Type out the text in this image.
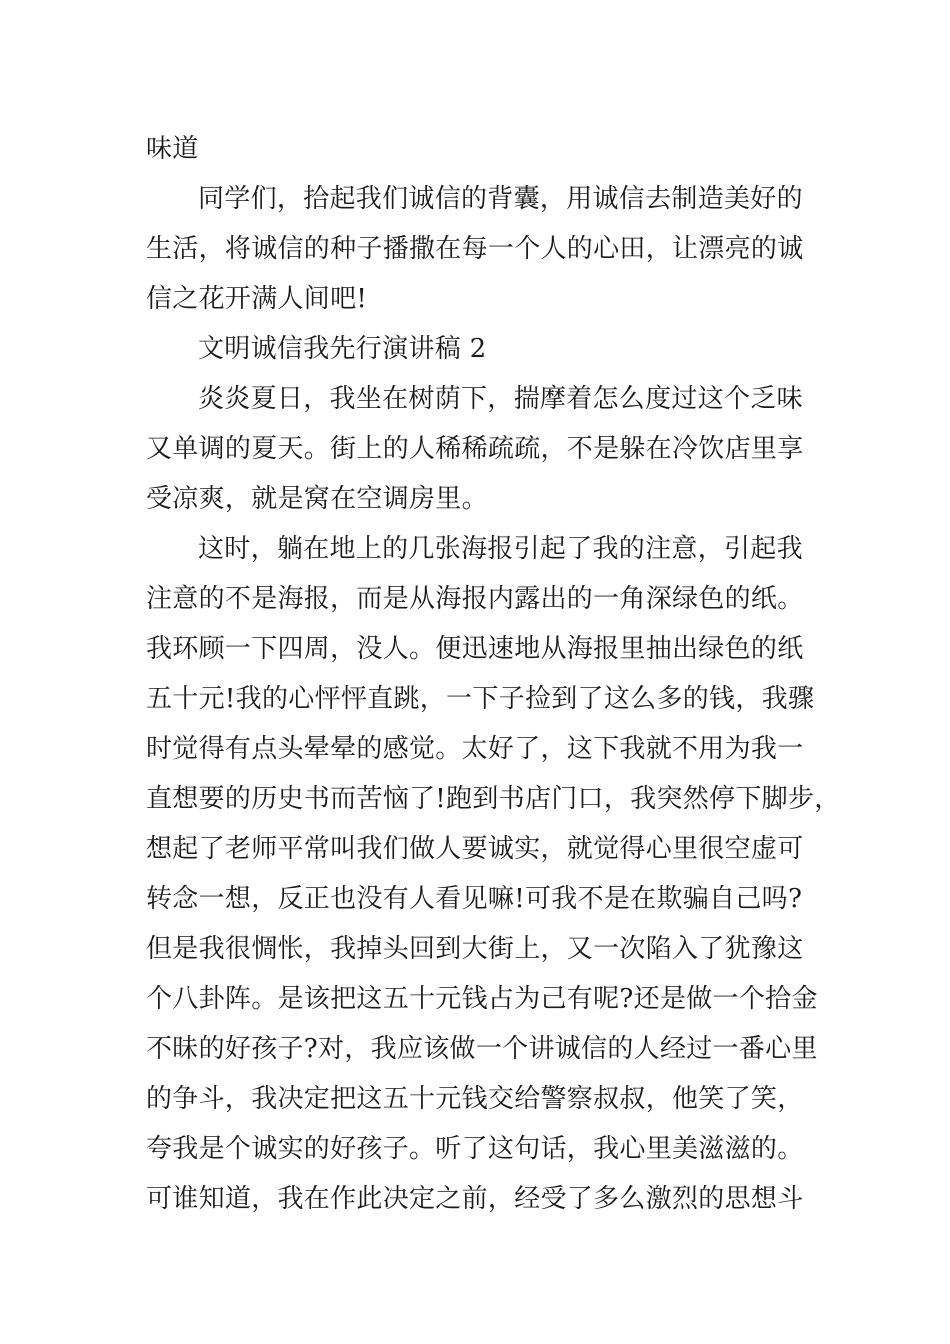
味道
同学们，拾起我们诚信的背囊，用诚信去制造美好的
生活，将诚信的种子播撒在每一个人的心田，让漂亮的诚
信之花开满人间吧!
文明诚信我先行演讲稿 2
炎炎夏日，我坐在树荫下，揣摩着怎么度过这个乏味
又单调的夏天。街上的人稀稀疏疏，不是躲在冷饮店里享
受凉爽，就是窝在空调房里。
这时，躺在地上的几张海报引起了我的注意，引起我
注意的不是海报，而是从海报内露出的一角深绿色的纸。
我环顾一下四周，没人。便迅速地从海报里抽出绿色的纸
五十元!我的心怦怦直跳，一下子捡到了这么多的钱，我骤
时觉得有点头晕晕的感觉。太好了，这下我就不用为我一
直想要的历史书而苦恼了!跑到书店门口，我突然停下脚步，
想起了老师平常叫我们做人要诚实，就觉得心里很空虚可
转念一想，反正也没有人看见嘛!可我不是在欺骗自己吗?
但是我很惆怅，我掉头回到大街上，又一次陷入了犹豫这
个八卦阵。是该把这五十元钱占为己有呢?还是做一个拾金
不昧的好孩子?对，我应该做一个讲诚信的人经过一番心里
的争斗，我决定把这五十元钱交给警察叔叔，他笑了笑，
夸我是个诚实的好孩子。听了这句话，我心里美滋滋的。
可谁知道，我在作此决定之前，经受了多么激烈的思想斗
